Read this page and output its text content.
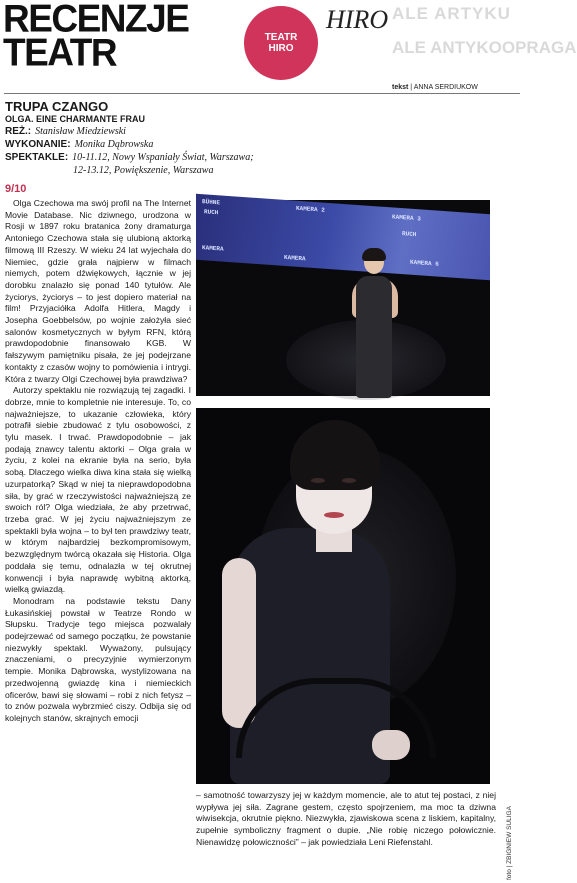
RECENZJE
TEATR	TEATR
HIRO
HIRO ALE ARTYKU
ALE ANTYKOOPRAGA
tekst | ANNA SERDIUKOW
TRUPA CZANGO
OLGA. EINE CHARMANTE FRAU
REŻ.: Stanisław Miedziewski
WYKONANIE: Monika Dąbrowska
SPEKTAKLE: 10-11.12, Nowy Wspaniały Świat, Warszawa;
12-13.12, Powiększenie, Warszawa
9/10

Olga Czechowa ma swój profil na The Internet Movie Database. Nic dziwnego, urodzona w Rosji w 1897 roku bratanica żony dramaturga Antoniego Czechowa stała się ulubioną aktorką filmową III Rzeszy. W wieku 24 lat wyjechała do Niemiec, gdzie grała najpierw w filmach niemych, potem dźwiękowych, łącznie w jej dorobku znalazło się ponad 140 tytułów. Ale życiorys, życiorys – to jest dopiero materiał na film! Przyjaciółka Adolfa Hitlera, Magdy i Josepha Goebbelsów, po wojnie założyła sieć salonów kosmetycznych w byłym RFN, którą prawdopodobnie finansowało KGB. W fałszywym pamiętniku pisała, że jej podejrzane kontakty z czasów wojny to pomówienia i intrygi. Która z twarzy Olgi Czechowej była prawdziwa?

Autorzy spektaklu nie rozwiązują tej zagadki. I dobrze, mnie to kompletnie nie interesuje. To, co najważniejsze, to ukazanie człowieka, który potrafił siebie zbudować z tylu osobowości, z tylu masek. I trwać. Prawdopodobnie – jak podają znawcy talentu aktorki – Olga grała w życiu, z kolei na ekranie była na serio, była sobą. Dlaczego wielka diwa kina stała się wielką uzurpatorką? Skąd w niej ta nieprawdopodobna siła, by grać w rzeczywistości najważniejszą ze swoich ról? Olga wiedziała, że aby przetrwać, trzeba grać. W jej życiu najważniejszym ze spektakli była wojna – to był ten prawdziwy teatr, w którym najbardziej bezkompromisowym, bezwzględnym twórcą okazała się Historia. Olga poddała się temu, odnalazła w tej okrutnej konwencji i była naprawdę wybitną aktorką, wielką gwiazdą.

Monodram na podstawie tekstu Dany Łukasińskiej powstał w Teatrze Rondo w Słupsku. Tradycje tego miejsca pozwalały podejrzewać od samego początku, że powstanie niezwykły spektakl. Wyważony, pulsujący znaczeniami, o precyzyjnie wymierzonym tempie. Monika Dąbrowska, wystylizowana na przedwojenną gwiazdę kina i niemieckich oficerów, bawi się słowami – robi z nich fetysz – to znów pozwala wybrzmieć ciszy. Odbija się od kolejnych stanów, skrajnych emocji

BÜHNE
KAMERA 2
KAMERA 3
RUCH
RUCH
KAMERA
KAMERA
KAMERA 6
foto | ZBIGNIEW SULIGA

– samotność towarzyszy jej w każdym momencie, ale to atut tej postaci, z niej wypływa jej siła. Zagrane gestem, często spojrzeniem, ma moc ta dziwna wiwisekcja, okrutnie piękno. Niezwykła, zjawiskowa scena z liskiem, kapitalny, zupełnie symboliczny fragment o dupie. „Nie robię niczego połowicznie. Nienawidzę połowiczności” – jak powiedziała Leni Riefenstahl.
